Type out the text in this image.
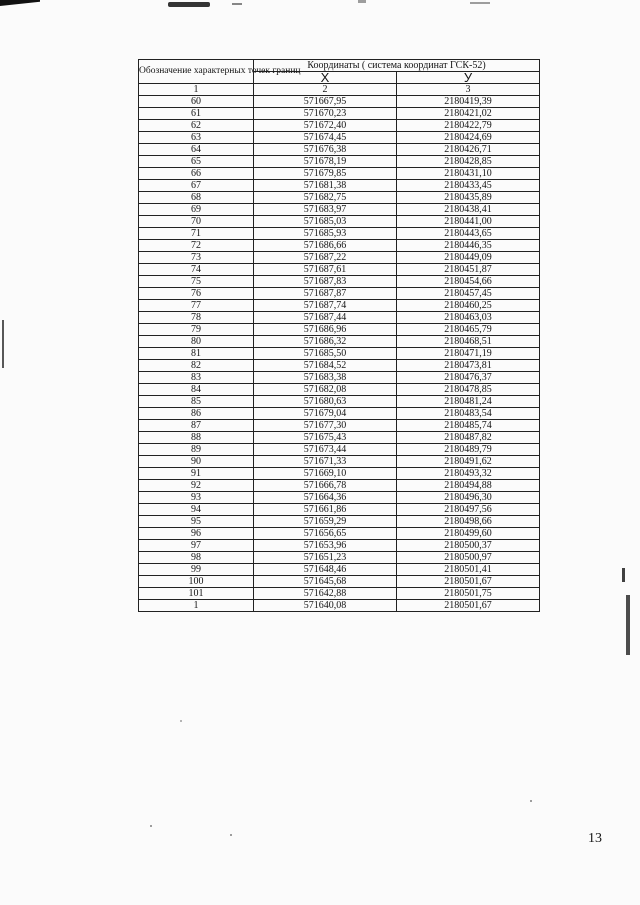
Обозначение характерных точек границ	Координаты ( система координат ГСК-52)	
	X	У
1	2	3
60	571667,95	2180419,39
61	571670,23	2180421,02
62	571672,40	2180422,79
63	571674,45	2180424,69
64	571676,38	2180426,71
65	571678,19	2180428,85
66	571679,85	2180431,10
67	571681,38	2180433,45
68	571682,75	2180435,89
69	571683,97	2180438,41
70	571685,03	2180441,00
71	571685,93	2180443,65
72	571686,66	2180446,35
73	571687,22	2180449,09
74	571687,61	2180451,87
75	571687,83	2180454,66
76	571687,87	2180457,45
77	571687,74	2180460,25
78	571687,44	2180463,03
79	571686,96	2180465,79
80	571686,32	2180468,51
81	571685,50	2180471,19
82	571684,52	2180473,81
83	571683,38	2180476,37
84	571682,08	2180478,85
85	571680,63	2180481,24
86	571679,04	2180483,54
87	571677,30	2180485,74
88	571675,43	2180487,82
89	571673,44	2180489,79
90	571671,33	2180491,62
91	571669,10	2180493,32
92	571666,78	2180494,88
93	571664,36	2180496,30
94	571661,86	2180497,56
95	571659,29	2180498,66
96	571656,65	2180499,60
97	571653,96	2180500,37
98	571651,23	2180500,97
99	571648,46	2180501,41
100	571645,68	2180501,67
101	571642,88	2180501,75
1	571640,08	2180501,67
13
